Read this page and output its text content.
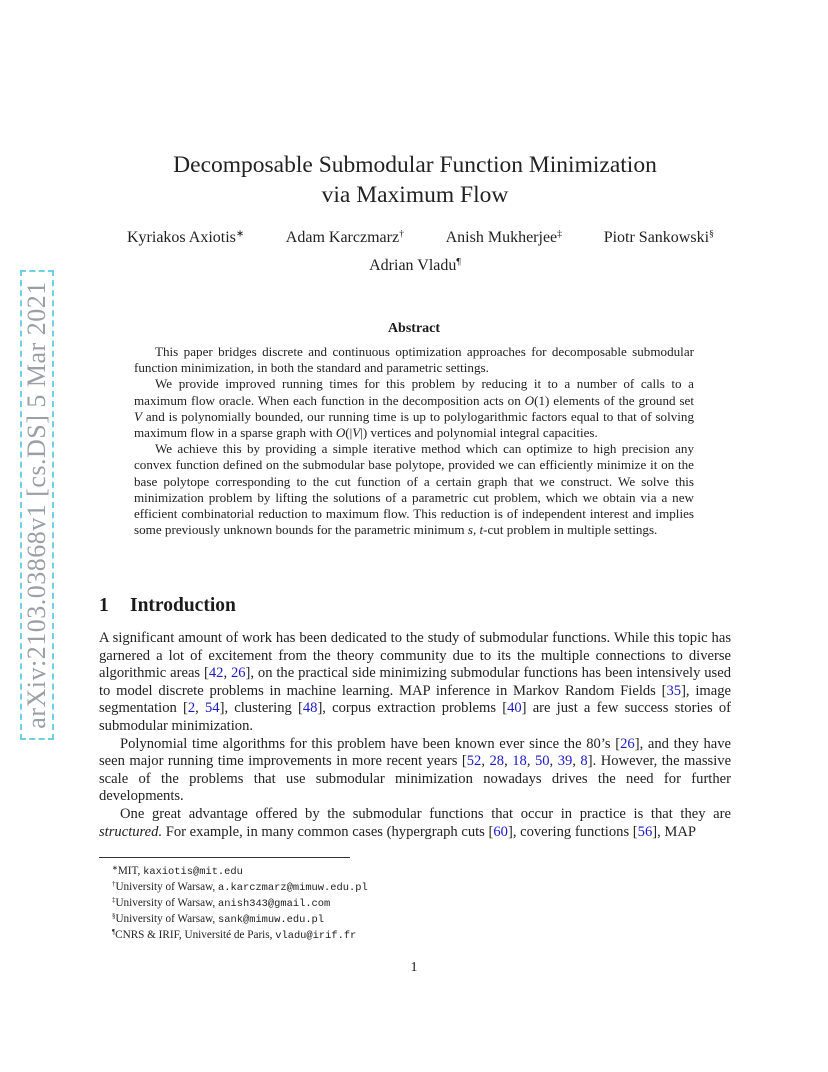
arXiv:2103.03868v1 [cs.DS] 5 Mar 2021
Decomposable Submodular Function Minimization
via Maximum Flow
Kyriakos Axiotis∗	Adam Karczmarz†	Anish Mukherjee‡	Piotr Sankowski§
Adrian Vladu¶
Abstract

This paper bridges discrete and continuous optimization approaches for decomposable submodular function minimization, in both the standard and parametric settings.

We provide improved running times for this problem by reducing it to a number of calls to a maximum flow oracle. When each function in the decomposition acts on O(1) elements of the ground set V and is polynomially bounded, our running time is up to polylogarithmic factors equal to that of solving maximum flow in a sparse graph with O(|V|) vertices and polynomial integral capacities.

We achieve this by providing a simple iterative method which can optimize to high precision any convex function defined on the submodular base polytope, provided we can efficiently minimize it on the base polytope corresponding to the cut function of a certain graph that we construct. We solve this minimization problem by lifting the solutions of a parametric cut problem, which we obtain via a new efficient combinatorial reduction to maximum flow. This reduction is of independent interest and implies some previously unknown bounds for the parametric minimum s, t-cut problem in multiple settings.

1 Introduction

A significant amount of work has been dedicated to the study of submodular functions. While this topic has garnered a lot of excitement from the theory community due to its the multiple connections to diverse algorithmic areas [42, 26], on the practical side minimizing submodular functions has been intensively used to model discrete problems in machine learning. MAP inference in Markov Random Fields [35], image segmentation [2, 54], clustering [48], corpus extraction problems [40] are just a few success stories of submodular minimization.

Polynomial time algorithms for this problem have been known ever since the 80’s [26], and they have seen major running time improvements in more recent years [52, 28, 18, 50, 39, 8]. However, the massive scale of the problems that use submodular minimization nowadays drives the need for further developments.

One great advantage offered by the submodular functions that occur in practice is that they are structured. For example, in many common cases (hypergraph cuts [60], covering functions [56], MAP

∗MIT, kaxiotis@mit.edu
†University of Warsaw, a.karczmarz@mimuw.edu.pl
‡University of Warsaw, anish343@gmail.com
§University of Warsaw, sank@mimuw.edu.pl
¶CNRS & IRIF, Université de Paris, vladu@irif.fr
1
